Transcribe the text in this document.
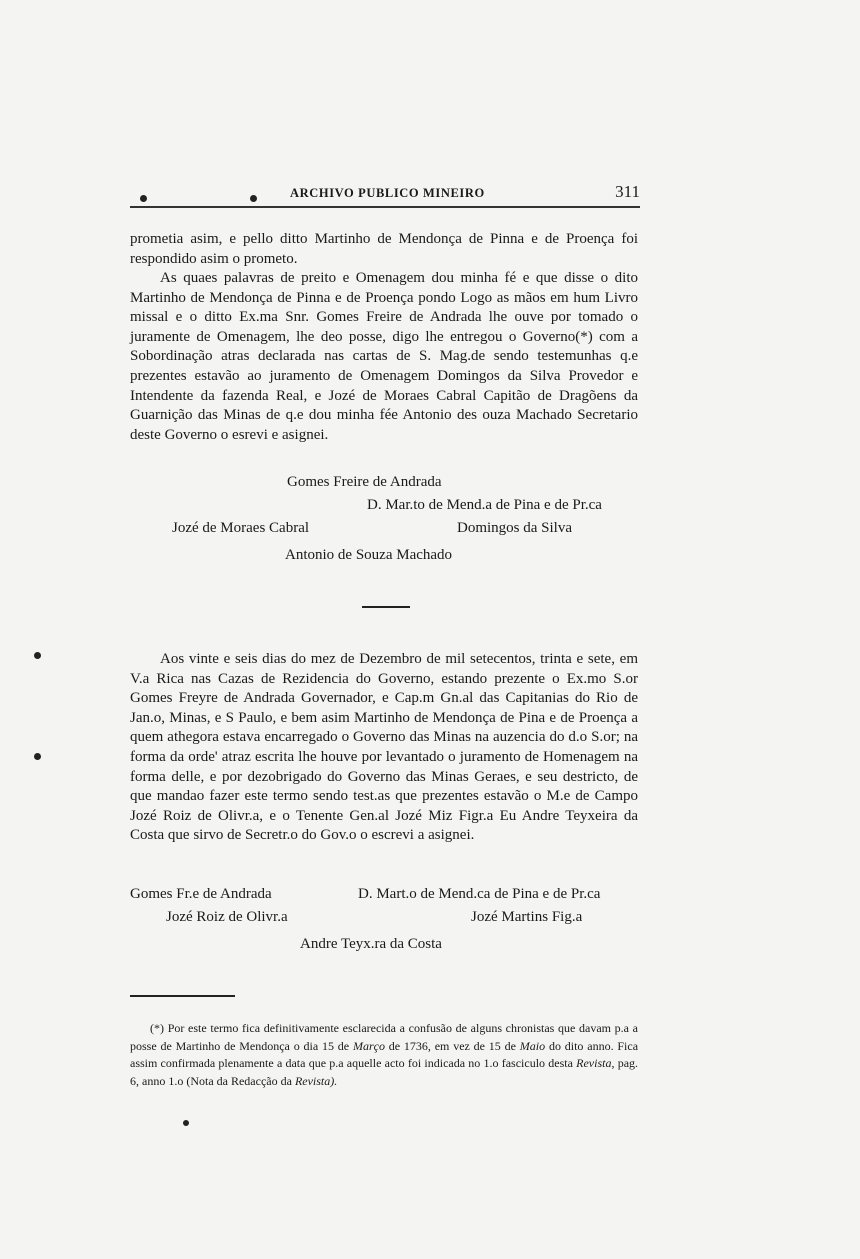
ARCHIVO PUBLICO MINEIRO	311
prometia asim, e pello ditto Martinho de Mendonça de Pinna e de Proença foi respondido asim o prometo.
As quaes palavras de preito e Omenagem dou minha fé e que disse o dito Martinho de Mendonça de Pinna e de Proença pondo Logo as mãos em hum Livro missal e o ditto Ex.ma Snr. Gomes Freire de Andrada lhe ouve por tomado o juramente de Omenagem, lhe deo posse, digo lhe entregou o Governo(*) com a Sobordinação atras declarada nas cartas de S. Mag.de sendo testemunhas q.e prezentes estavão ao juramento de Omenagem Domingos da Silva Provedor e Intendente da fazenda Real, e Jozé de Moraes Cabral Capitão de Dragõens da Guarnição das Minas de q.e dou minha fée Antonio des ouza Machado Secretario deste Governo o esrevi e asignei.
Gomes Freire de Andrada
D. Mar.to de Mend.a de Pina e de Pr.ca
Jozé de Moraes Cabral	Domingos da Silva
Antonio de Souza Machado
Aos vinte e seis dias do mez de Dezembro de mil setecentos, trinta e sete, em V.a Rica nas Cazas de Rezidencia do Governo, estando prezente o Ex.mo S.or Gomes Freyre de Andrada Governador, e Cap.m Gn.al das Capitanias do Rio de Jan.o, Minas, e S Paulo, e bem asim Martinho de Mendonça de Pina e de Proença a quem athegora estava encarregado o Governo das Minas na auzencia do d.o S.or; na forma da orde' atraz escrita lhe houve por levantado o juramento de Homenagem na forma delle, e por dezobrigado do Governo das Minas Geraes, e seu destricto, de que mandao fazer este termo sendo test.as que prezentes estavão o M.e de Campo Jozé Roiz de Olivr.a, e o Tenente Gen.al Jozé Miz Figr.a Eu Andre Teyxeira da Costa que sirvo de Secretr.o do Gov.o o escrevi a asignei.
Gomes Fr.e de Andrada	D. Mart.o de Mend.ca de Pina e de Pr.ca
Jozé Roiz de Olivr.a	Jozé Martins Fig.a
Andre Teyx.ra da Costa
(*) Por este termo fica definitivamente esclarecida a confusão de alguns chronistas que davam p.a a posse de Martinho de Mendonça o dia 15 de Março de 1736, em vez de 15 de Maio do dito anno. Fica assim confirmada plenamente a data que p.a aquelle acto foi indicada no 1.o fasciculo desta Revista, pag. 6, anno 1.o (Nota da Redacção da Revista).
